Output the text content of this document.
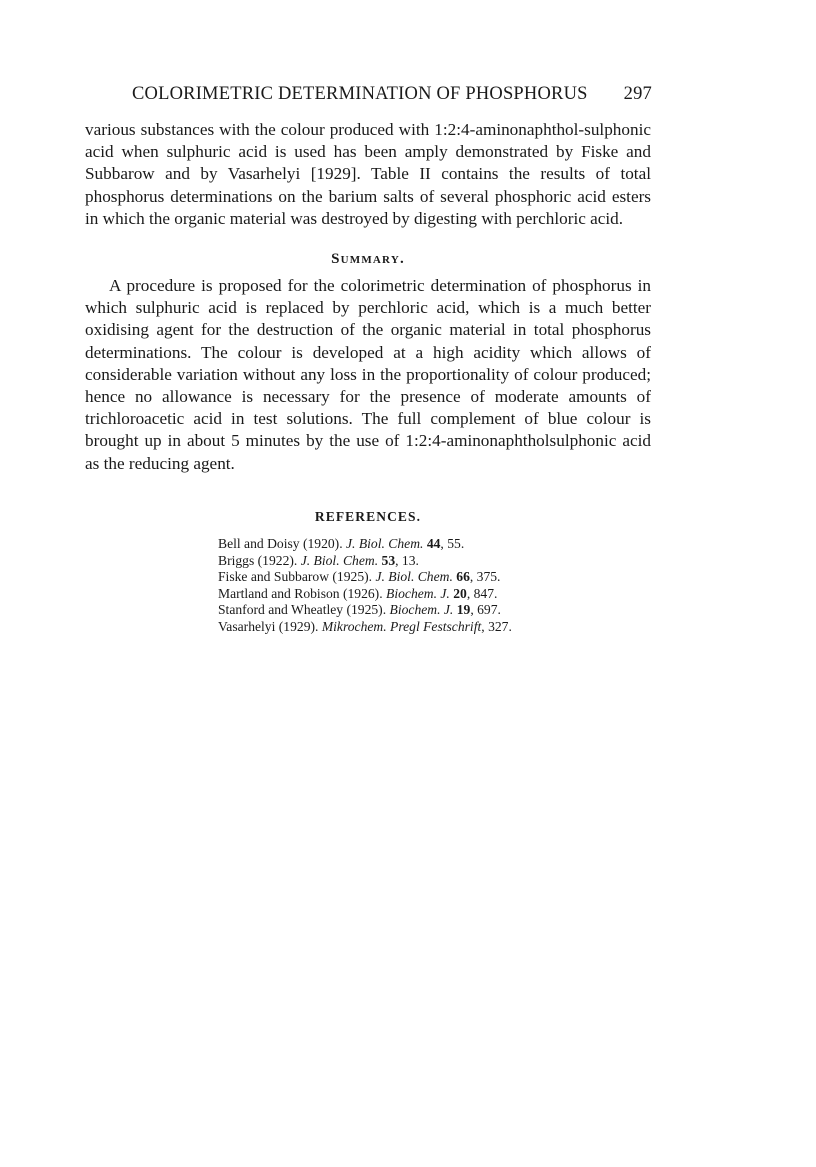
COLORIMETRIC DETERMINATION OF PHOSPHORUS 297

various substances with the colour produced with 1:2:4-aminonaphthol-sulphonic acid when sulphuric acid is used has been amply demonstrated by Fiske and Subbarow and by Vasarhelyi [1929]. Table II contains the results of total phosphorus determinations on the barium salts of several phosphoric acid esters in which the organic material was destroyed by digesting with perchloric acid.

Summary.

A procedure is proposed for the colorimetric determination of phosphorus in which sulphuric acid is replaced by perchloric acid, which is a much better oxidising agent for the destruction of the organic material in total phosphorus determinations. The colour is developed at a high acidity which allows of considerable variation without any loss in the proportionality of colour produced; hence no allowance is necessary for the presence of moderate amounts of trichloroacetic acid in test solutions. The full complement of blue colour is brought up in about 5 minutes by the use of 1:2:4-aminonaphtholsulphonic acid as the reducing agent.

REFERENCES.
Bell and Doisy (1920). J. Biol. Chem. 44, 55.
Briggs (1922). J. Biol. Chem. 53, 13.
Fiske and Subbarow (1925). J. Biol. Chem. 66, 375.
Martland and Robison (1926). Biochem. J. 20, 847.
Stanford and Wheatley (1925). Biochem. J. 19, 697.
Vasarhelyi (1929). Mikrochem. Pregl Festschrift, 327.
